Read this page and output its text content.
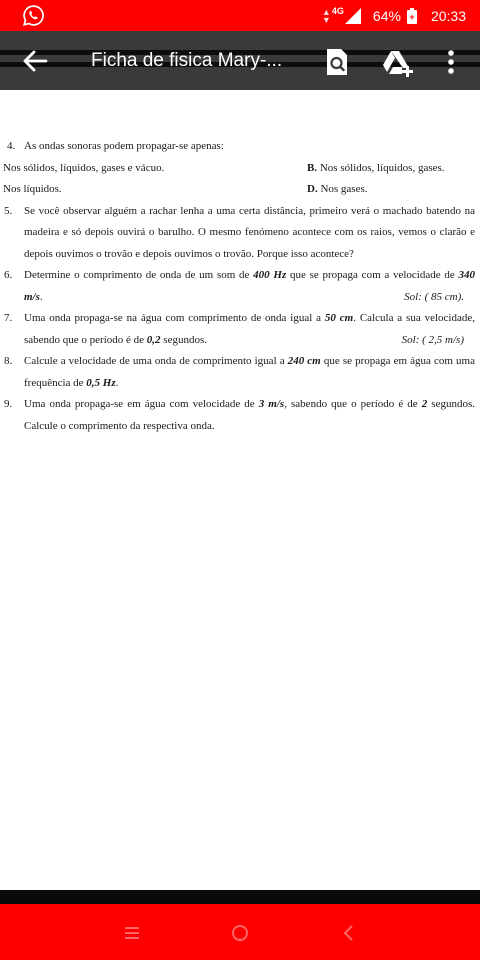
▲
▼
4G 64% + 20:33
Ficha de fisica Mary-...
4. As ondas sonoras podem propagar-se apenas:
Nos sólidos, líquidos, gases e vácuo.	B. Nos sólidos, líquidos, gases.
Nos líquidos.	D. Nos gases.
5. Se você observar alguém a rachar lenha a uma certa distância, primeiro verá o machado batendo na madeira e só depois ouvirá o barulho. O mesmo fenómeno acontece com os raios, vemos o clarão e depois ouvimos o trovão e depois ouvimos o trovão. Porque isso acontece?
6. Determine o comprimento de onda de um som de 400 Hz que se propaga com a velocidade de 340 m/s.	Sol: ( 85 cm).
7. Uma onda propaga-se na água com comprimento de onda igual a 50 cm. Calcula a sua velocidade, sabendo que o período é de 0,2 segundos.	Sol: ( 2,5 m/s)
8. Calcule a velocidade de uma onda de comprimento igual a 240 cm que se propaga em água com uma frequência de 0,5 Hz.
9. Uma onda propaga-se em água com velocidade de 3 m/s, sabendo que o período é de 2 segundos. Calcule o comprimento da respectiva onda.
